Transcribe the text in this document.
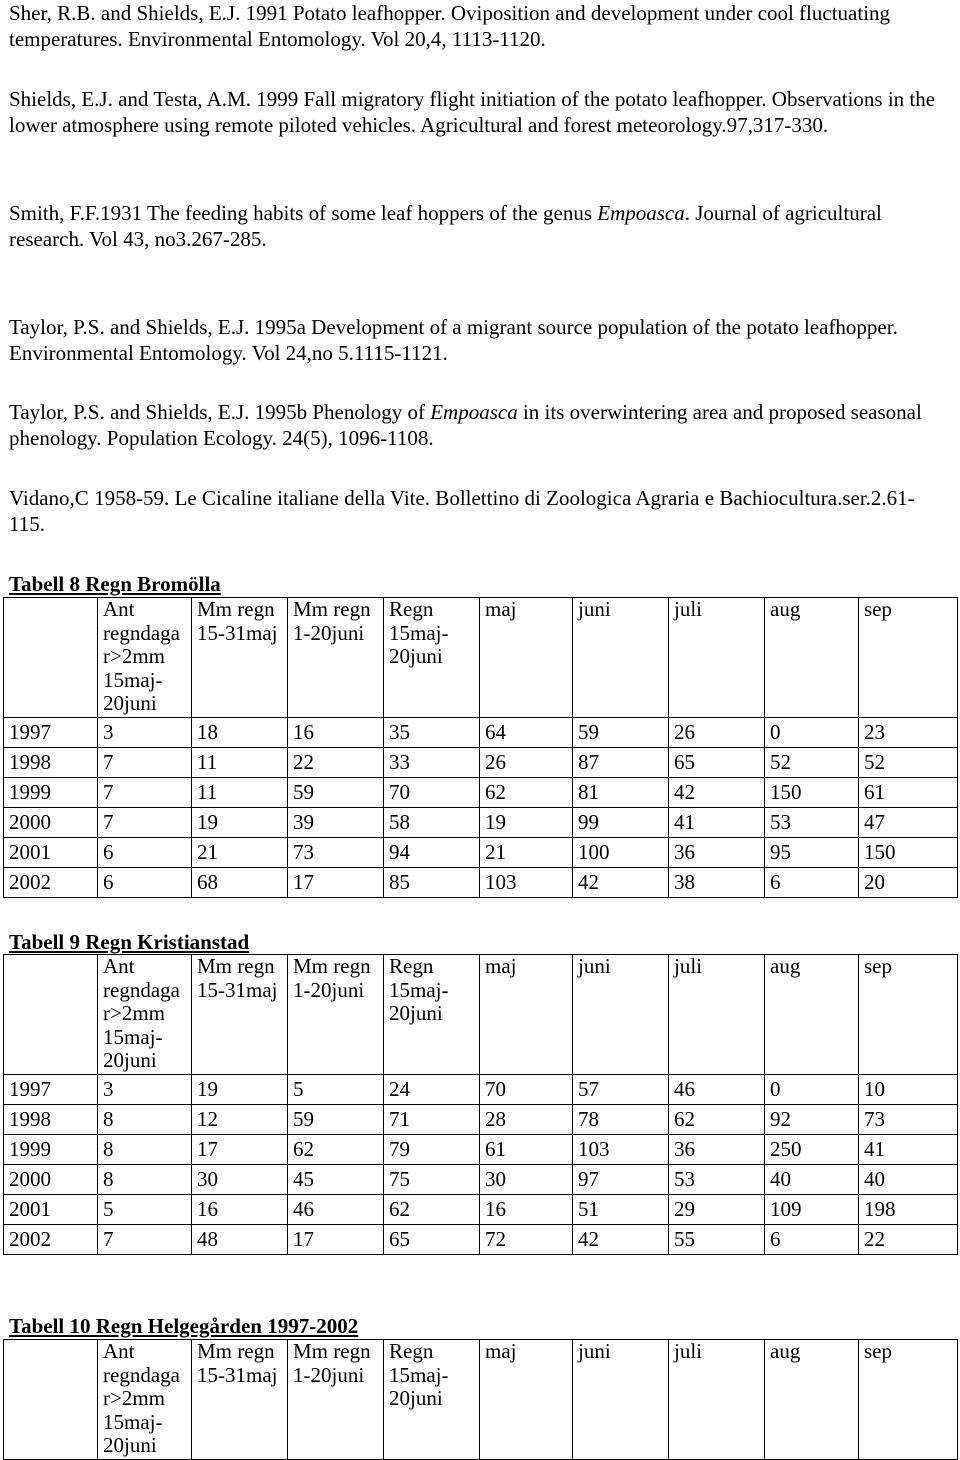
Sher, R.B. and Shields, E.J. 1991 Potato leafhopper. Oviposition and development under cool fluctuating temperatures. Environmental Entomology. Vol 20,4, 1113-1120.

Shields, E.J. and Testa, A.M. 1999 Fall migratory flight initiation of the potato leafhopper. Observations in the lower atmosphere using remote piloted vehicles. Agricultural and forest meteorology.97,317-330.

Smith, F.F.1931 The feeding habits of some leaf hoppers of the genus Empoasca. Journal of agricultural research. Vol 43, no3.267-285.

Taylor, P.S. and Shields, E.J. 1995a Development of a migrant source population of the potato leafhopper. Environmental Entomology. Vol 24,no 5.1115-1121.

Taylor, P.S. and Shields, E.J. 1995b Phenology of Empoasca in its overwintering area and proposed seasonal phenology. Population Ecology. 24(5), 1096-1108.

Vidano,C 1958-59. Le Cicaline italiane della Vite. Bollettino di Zoologica Agraria e Bachiocultura.ser.2.61-115.

Tabell 8 Regn Bromölla

	Ant regndaga r>2mm 15maj-20juni	Mm regn 15-31maj	Mm regn 1-20juni	Regn 15maj-20juni	maj	juni	juli	aug	sep
1997	3	18	16	35	64	59	26	0	23
1998	7	11	22	33	26	87	65	52	52
1999	7	11	59	70	62	81	42	150	61
2000	7	19	39	58	19	99	41	53	47
2001	6	21	73	94	21	100	36	95	150
2002	6	68	17	85	103	42	38	6	20

Tabell 9 Regn Kristianstad

	Ant regndaga r>2mm 15maj-20juni	Mm regn 15-31maj	Mm regn 1-20juni	Regn 15maj-20juni	maj	juni	juli	aug	sep
1997	3	19	5	24	70	57	46	0	10
1998	8	12	59	71	28	78	62	92	73
1999	8	17	62	79	61	103	36	250	41
2000	8	30	45	75	30	97	53	40	40
2001	5	16	46	62	16	51	29	109	198
2002	7	48	17	65	72	42	55	6	22

Tabell 10 Regn Helgegården 1997-2002

	Ant regndaga r>2mm 15maj-20juni	Mm regn 15-31maj	Mm regn 1-20juni	Regn 15maj-20juni	maj	juni	juli	aug	sep
